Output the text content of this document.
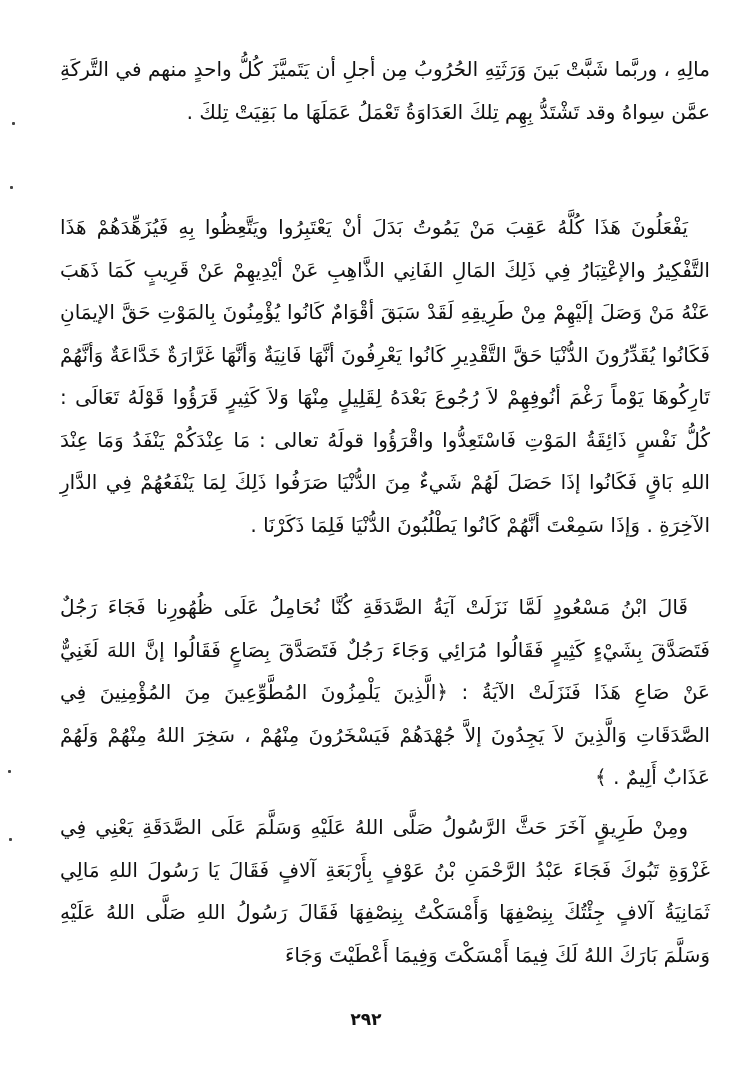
مالِهِ ، وربَّما شَبَّتْ بَينَ وَرَثَتِهِ الحُرُوبُ مِن أجلِ أن يَتَميَّزَ كُلُّ واحدٍ منهم في التَّركَةِ عمَّن سِواهُ وقد تَشْتَدُّ بِهِم تِلكَ العَدَاوَةُ تَعْمَلُ عَمَلَهَا ما بَقِيَتْ تِلكَ .

يَفْعَلُونَ هَذَا كُلَّهُ عَقِبَ مَنْ يَمُوتُ بَدَلَ أنْ يَعْتَبِرُوا ويَتَّعِظُوا بِهِ فَيُزَهِّدَهُمْ هَذَا التَّفْكِيرُ والإعْتِبَارُ فِي ذَلِكَ المَالِ الفَانِي الذَّاهِبِ عَنْ أيْدِيهِمْ عَنْ قَرِيبٍ كَمَا ذَهَبَ عَنْهُ مَنْ وَصَلَ إلَيْهِمْ مِنْ طَرِيقِهِ لَقَدْ سَبَقَ أقْوَامٌ كَانُوا يُؤْمِنُونَ بِالمَوْتِ حَقَّ الإيمَانِ فَكَانُوا يُقَدِّرُونَ الدُّنْيَا حَقَّ التَّقْدِيرِ كَانُوا يَعْرِفُونَ أنَّهَا فَانِيَةٌ وَأنَّهَا غَرَّارَةٌ خَدَّاعَةٌ وَأنَّهُمْ تَارِكُوهَا يَوْماً رَغْمَ أنُوفِهِمْ لاَ رُجُوعَ بَعْدَهُ لِقَلِيلٍ مِنْهَا وَلاَ كَثِيرٍ قَرَؤُوا قَوْلَهُ تَعَالَى : كُلُّ نَفْسٍ ذَائِقَةُ المَوْتِ فَاسْتَعِدُّوا واقْرَؤُوا قولَهُ تعالى : مَا عِنْدَكُمْ يَنْفَدُ وَمَا عِنْدَ اللهِ بَاقٍ فَكَانُوا إذَا حَصَلَ لَهُمْ شَيءٌ مِنَ الدُّنْيَا صَرَفُوا ذَلِكَ لِمَا يَنْفَعُهُمْ فِي الدَّارِ الآخِرَةِ . وَإذَا سَمِعْتَ أنَّهُمْ كَانُوا يَطْلُبُونَ الدُّنْيَا فَلِمَا ذَكَرْنَا .

قَالَ ابْنُ مَسْعُودٍ لَمَّا نَزَلَتْ آيَةُ الصَّدَقَةِ كُنَّا نُحَامِلُ عَلَى ظُهُورِنا فَجَاءَ رَجُلٌ فَتَصَدَّقَ بِشَيْءٍ كَثِيرٍ فَقَالُوا مُرَائِي وَجَاءَ رَجُلٌ فَتَصَدَّقَ بِصَاعٍ فَقَالُوا إنَّ اللهَ لَغَنِيٌّ عَنْ صَاعِ هَذَا فَنَزَلَتْ الآيَةُ : ﴿الَّذِينَ يَلْمِزُونَ المُطَّوِّعِينَ مِنَ المُؤْمِنِينَ فِي الصَّدَقَاتِ وَالَّذِينَ لاَ يَجِدُونَ إلاَّ جُهْدَهُمْ فَيَسْخَرُونَ مِنْهُمْ ، سَخِرَ اللهُ مِنْهُمْ وَلَهُمْ عَذَابٌ أَلِيمٌ . ﴾

ومِنْ طَرِيقٍ آخَرَ حَثَّ الرَّسُولُ صَلَّى اللهُ عَلَيْهِ وَسَلَّمَ عَلَى الصَّدَقَةِ يَعْنِي فِي غَزْوَةِ تَبُوكَ فَجَاءَ عَبْدُ الرَّحْمَنِ بْنُ عَوْفٍ بِأَرْبَعَةِ آلافٍ فَقَالَ يَا رَسُولَ اللهِ مَالِي ثَمَانِيَةُ آلافٍ جِئْتُكَ بِنِصْفِهَا وَأَمْسَكْتُ بِنِصْفِهَا فَقَالَ رَسُولُ اللهِ صَلَّى اللهُ عَلَيْهِ وَسَلَّمَ بَارَكَ اللهُ لَكَ فِيمَا أَمْسَكْتَ وَفِيمَا أَعْطَيْتَ وَجَاءَ

٢٩٢
